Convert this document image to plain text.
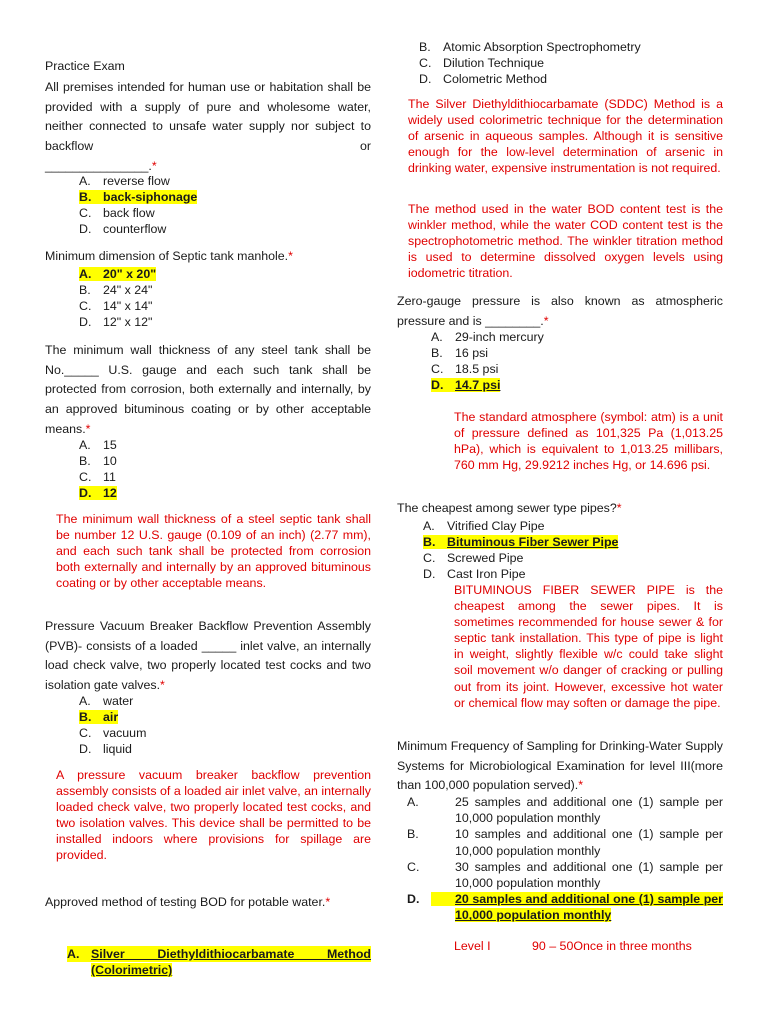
Practice Exam

All premises intended for human use or habitation shall be provided with a supply of pure and wholesome water, neither connected to unsafe water supply nor subject to backflow or

_______________.*
A. reverse flow
B. back-siphonage
C. back flow
D. counterflow
Minimum dimension of Septic tank manhole.*
A. 20" x 20"
B. 24" x 24"
C. 14" x 14"
D. 12" x 12"

The minimum wall thickness of any steel tank shall be No._____ U.S. gauge and each such tank shall be protected from corrosion, both externally and internally, by an approved bituminous coating or by other acceptable means.*

A. 15
B. 10
C. 11
D. 12

The minimum wall thickness of a steel septic tank shall be number 12 U.S. gauge (0.109 of an inch) (2.77 mm), and each such tank shall be protected from corrosion both externally and internally by an approved bituminous coating or by other acceptable means.

Pressure Vacuum Breaker Backflow Prevention Assembly (PVB)- consists of a loaded _____ inlet valve, an internally load check valve, two properly located test cocks and two isolation gate valves.*

A. water
B. air
C. vacuum
D. liquid

A pressure vacuum breaker backflow prevention assembly consists of a loaded air inlet valve, an internally loaded check valve, two properly located test cocks, and two isolation valves. This device shall be permitted to be installed indoors where provisions for spillage are provided.

Approved method of testing BOD for potable water.*

A. Silver Diethyldithiocarbamate Method
(Colorimetric)
B. Atomic Absorption Spectrophometry
C. Dilution Technique
D. Colometric Method

The Silver Diethyldithiocarbamate (SDDC) Method is a widely used colorimetric technique for the determination of arsenic in aqueous samples. Although it is sensitive enough for the low-level determination of arsenic in drinking water, expensive instrumentation is not required.

The method used in the water BOD content test is the winkler method, while the water COD content test is the spectrophotometric method. The winkler titration method is used to determine dissolved oxygen levels using iodometric titration.

Zero-gauge pressure is also known as atmospheric pressure and is ________.*

A. 29-inch mercury
B. 16 psi
C. 18.5 psi
D. 14.7 psi

The standard atmosphere (symbol: atm) is a unit of pressure defined as 101,325 Pa (1,013.25 hPa), which is equivalent to 1,013.25 millibars, 760 mm Hg, 29.9212 inches Hg, or 14.696 psi.

The cheapest among sewer type pipes?*
A. Vitrified Clay Pipe
B. Bituminous Fiber Sewer Pipe
C. Screwed Pipe
D. Cast Iron Pipe

BITUMINOUS FIBER SEWER PIPE is the cheapest among the sewer pipes. It is sometimes recommended for house sewer & for septic tank installation. This type of pipe is light in weight, slightly flexible w/c could take slight soil movement w/o danger of cracking or pulling out from its joint. However, excessive hot water or chemical flow may soften or damage the pipe.

Minimum Frequency of Sampling for Drinking-Water Supply Systems for Microbiological Examination for level III(more than 100,000 population served).*

A.	25 samples and additional one (1) sample per 10,000 population monthly
B.	10 samples and additional one (1) sample per 10,000 population monthly
C.	30 samples and additional one (1) sample per 10,000 population monthly
D.	20 samples and additional one (1) sample per 10,000 population monthly
Level I	90 – 50Once in three months
